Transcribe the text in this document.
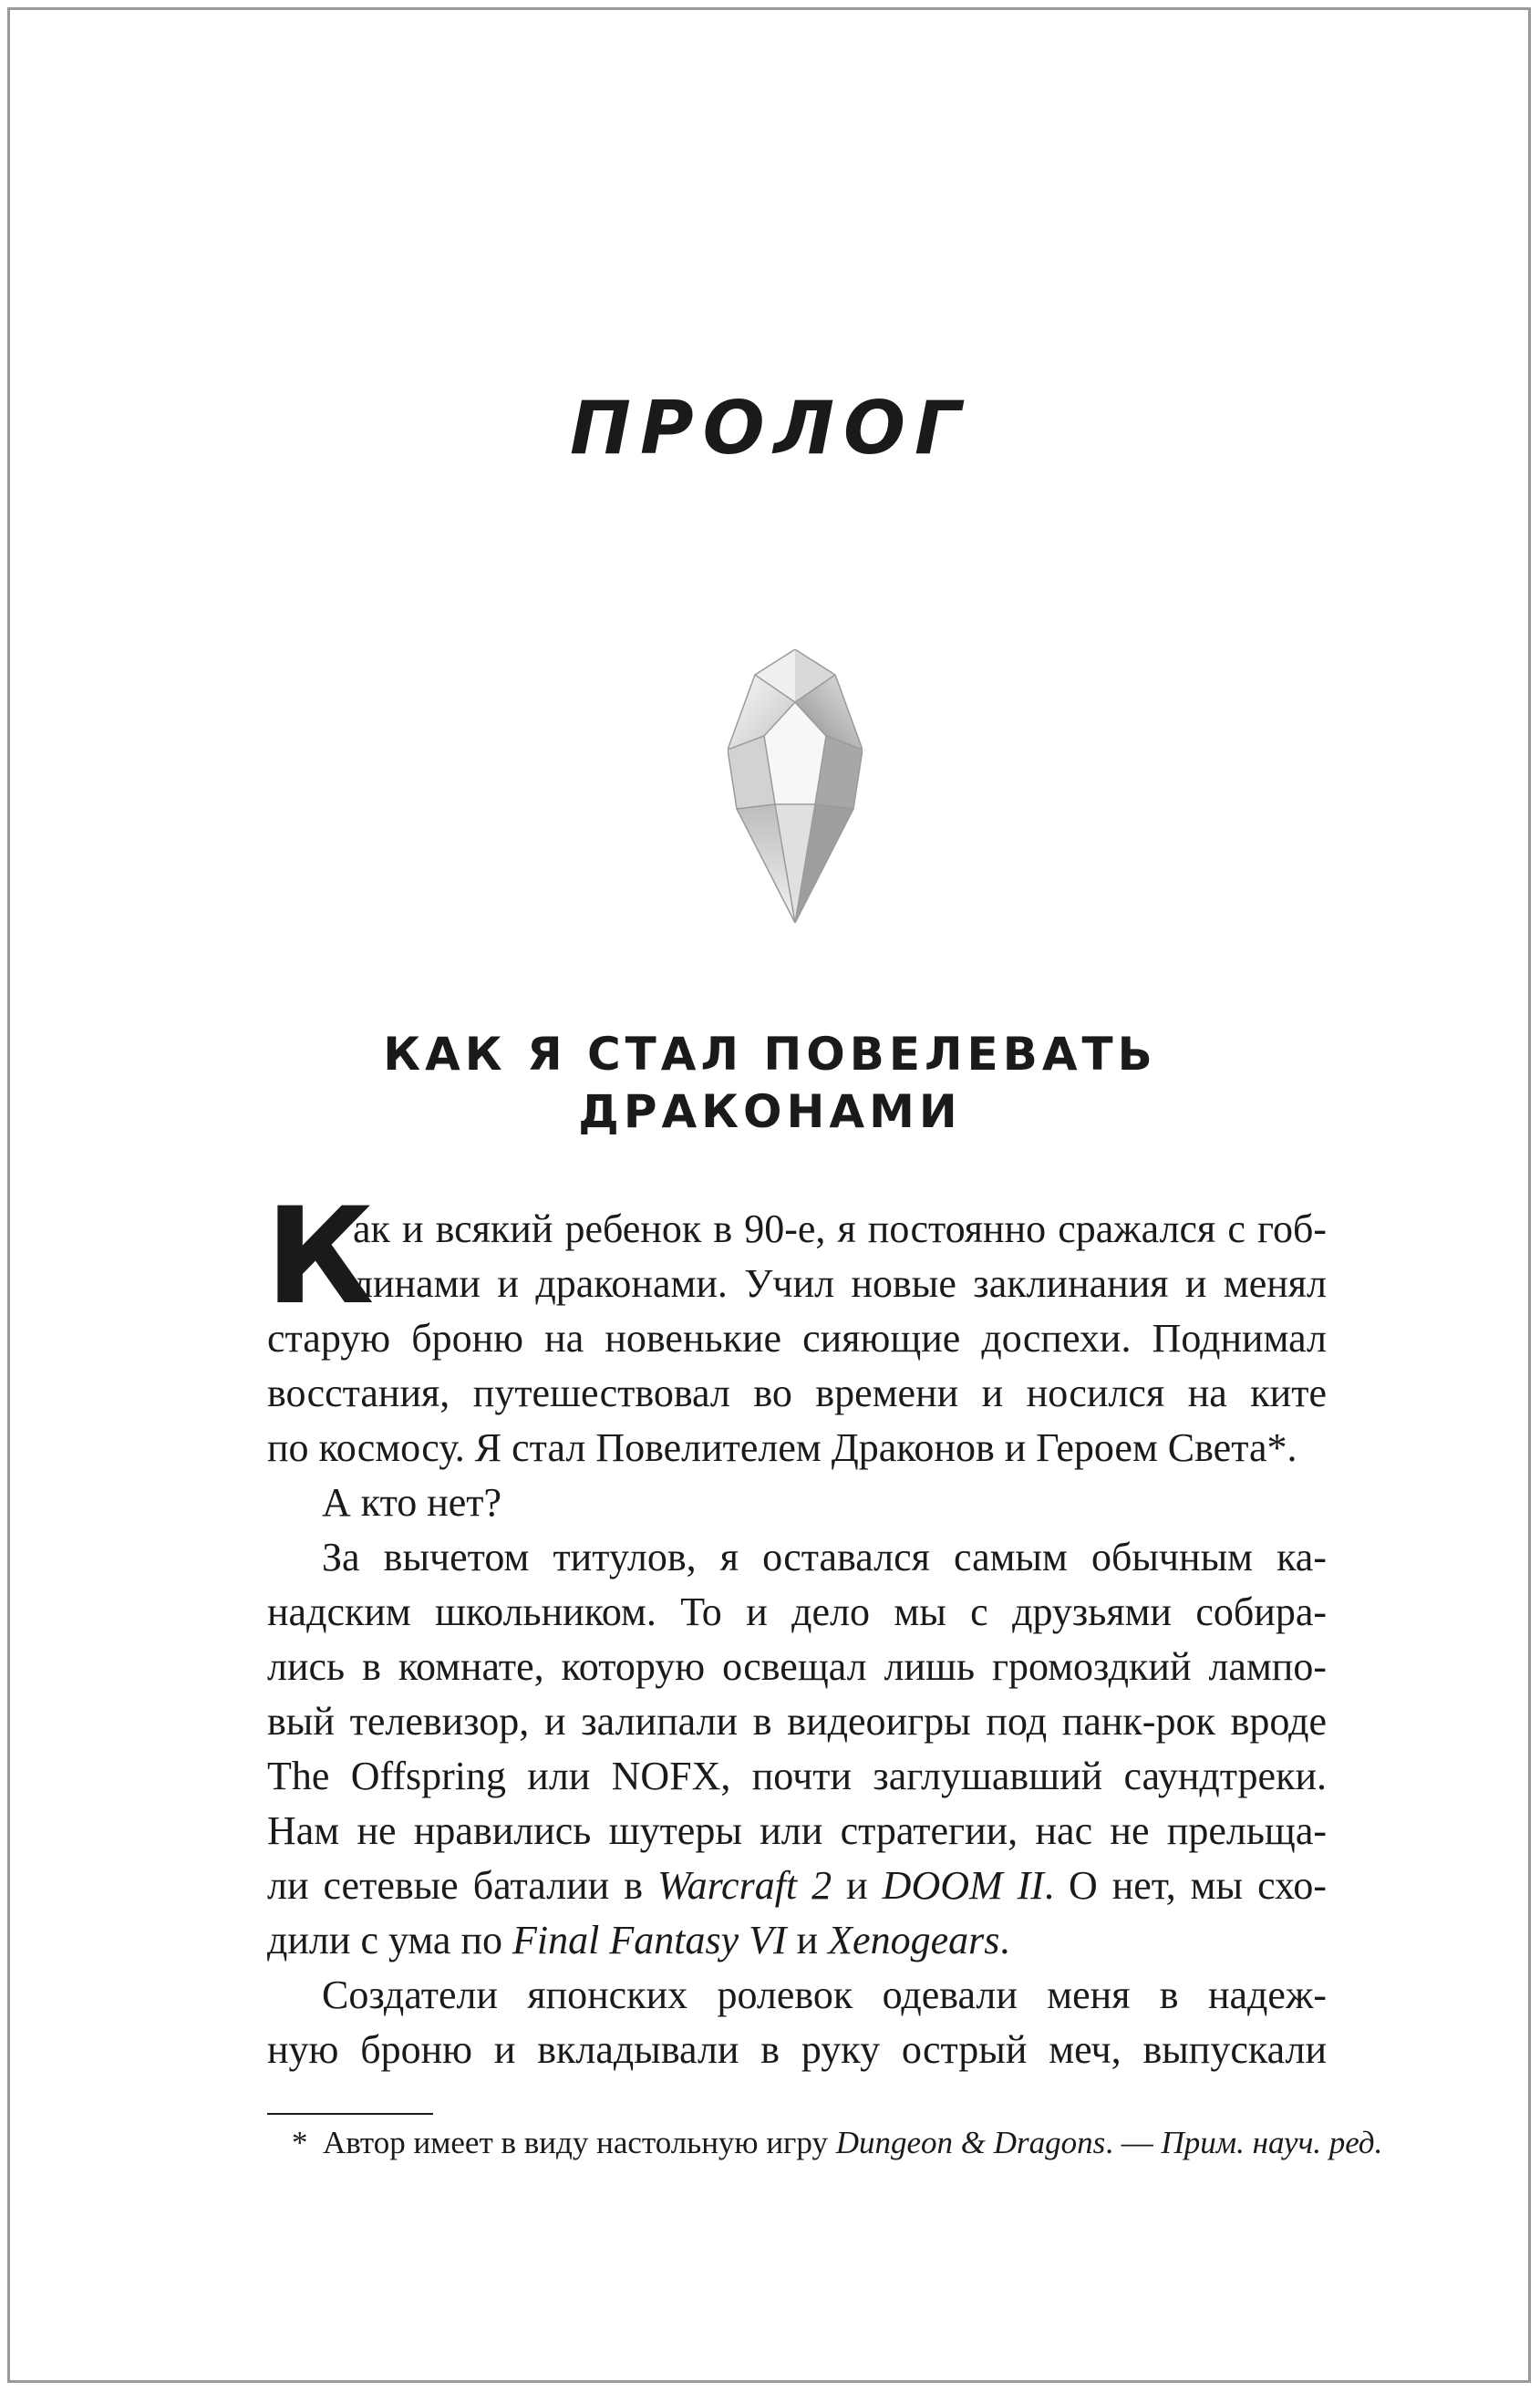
ПРОЛОГ
КАК Я СТАЛ ПОВЕЛЕВАТЬ
ДРАКОНАМИ
К
ак и всякий ребенок в 90-е, я постоянно сражался с гоб-
линами и драконами. Учил новые заклинания и менял
старую броню на новенькие сияющие доспехи. Поднимал
восстания, путешествовал во времени и носился на ките
по космосу. Я стал Повелителем Драконов и Героем Света*.
А кто нет?
За вычетом титулов, я оставался самым обычным ка-
надским школьником. То и дело мы с друзьями собира-
лись в комнате, которую освещал лишь громоздкий лампо-
вый телевизор, и залипали в видеоигры под панк-рок вроде
The Offspring или NOFX, почти заглушавший саундтреки.
Нам не нравились шутеры или стратегии, нас не прельща-
ли сетевые баталии в Warcraft 2 и DOOM II. О нет, мы схо-
дили с ума по Final Fantasy VI и Xenogears.
Создатели японских ролевок одевали меня в надеж-
ную броню и вкладывали в руку острый меч, выпускали
* Автор имеет в виду настольную игру Dungeon & Dragons. — Прим. науч. ред.
